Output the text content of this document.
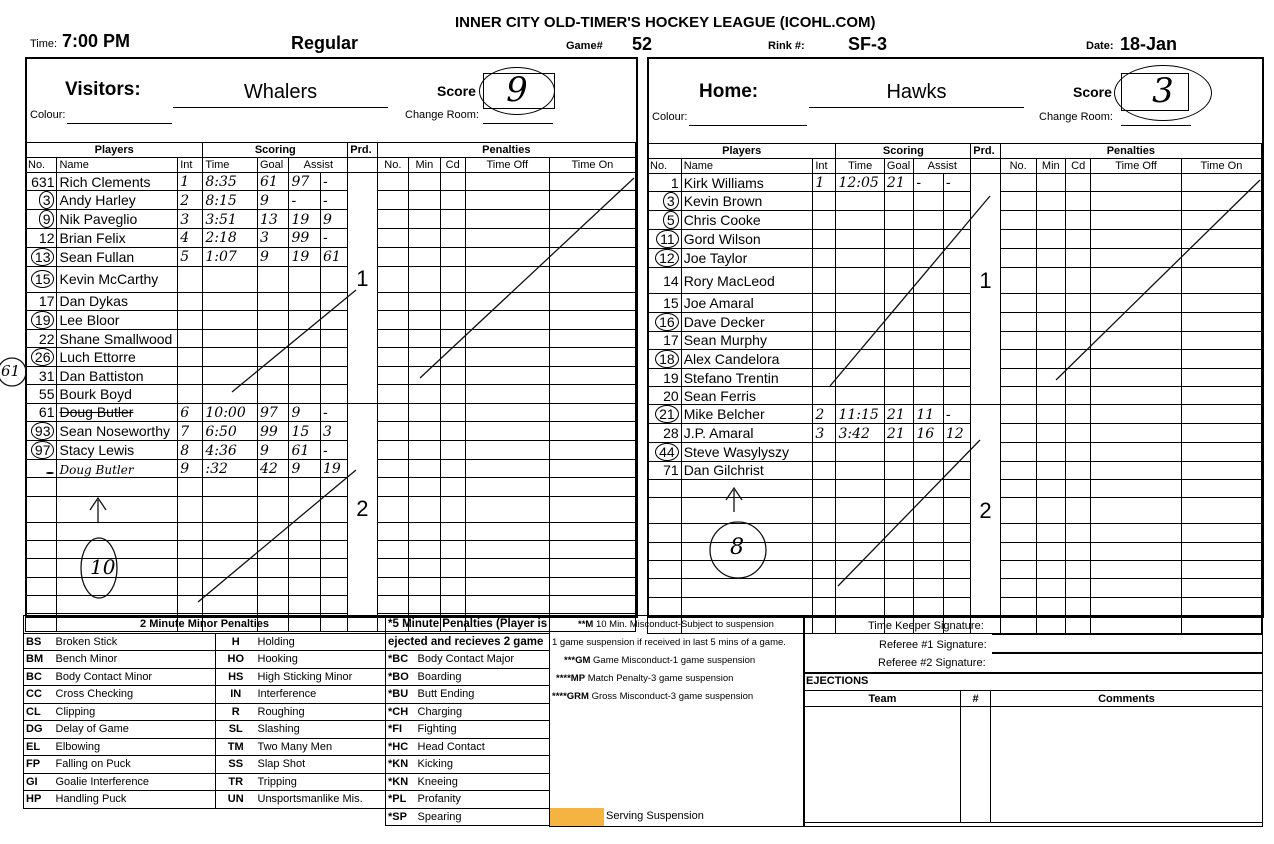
INNER CITY OLD-TIMER'S HOCKEY LEAGUE (ICOHL.COM)
Time: 7:00 PM	Regular	Game# 52	Rink #: SF-3	Date: 18-Jan
Visitors:
Colour:
Whalers	Score
Change Room:
9
Players			Scoring				Prd.	Penalties				
No.	Name	Int	Time	Goal	Assist			No.	Min	Cd	Time Off	Time On
631	Rich Clements	1	8:35	61	97	-						
3	Andy Harley	2	8:15	9	-	-						
9	Nik Paveglio	3	3:51	13	19	9						
12	Brian Felix	4	2:18	3	99	-						
13	Sean Fullan	5	1:07	9	19	61						
15	Kevin McCarthy						1					
17	Dan Dykas											
19	Lee Bloor											
22	Shane Smallwood											
26	Luch Ettorre											
31	Dan Battiston											
55	Bourk Boyd											
61	Doug Butler	6	10:00	97	9	-						
93	Sean Noseworthy	7	6:50	99	15	3						
97	Stacy Lewis	8	4:36	9	61	-						
	Doug Butler	9	:32	42	9	19						

							2					

Home:
Colour:
Hawks	Score
Change Room:
3
Players			Scoring				Prd.	Penalties				
No.	Name	Int	Time	Goal	Assist			No.	Min	Cd	Time Off	Time On
1	Kirk Williams	1	12:05	21	-	-						
3	Kevin Brown											
5	Chris Cooke											
11	Gord Wilson											
12	Joe Taylor											
14	Rory MacLeod						1					
15	Joe Amaral											
16	Dave Decker											
17	Sean Murphy											
18	Alex Candelora											
19	Stefano Trentin											
20	Sean Ferris											
21	Mike Belcher	2	11:15	21	11	-						
28	J.P. Amaral	3	3:42	21	16	12						
44	Steve Wasylyszy											
71	Dan Gilchrist											

							2					

10
8
61
2 Minute Minor Penalties			
BS	Broken Stick	H	Holding
BM	Bench Minor	HO	Hooking
BC	Body Contact Minor	HS	High Sticking Minor
CC	Cross Checking	IN	Interference
CL	Clipping	R	Roughing
DG	Delay of Game	SL	Slashing
EL	Elbowing	TM	Two Many Men
FP	Falling on Puck	SS	Slap Shot
GI	Goalie Interference	TR	Tripping
HP	Handling Puck	UN	Unsportsmanlike Mis.
*5 Minute Penalties (Player is	
ejected and recieves 2 game	
*BC	Body Contact Major
*BO	Boarding
*BU	Butt Ending
*CH	Charging
*FI	Fighting
*HC	Head Contact
*KN	Kicking
*KN	Kneeing
*PL	Profanity
*SP	Spearing
**M 10 Min. Misconduct-Subject to suspension
1 game suspension if received in last 5 mins of a game.
***GM Game Misconduct-1 game suspension
****MP Match Penalty-3 game suspension
****GRM Gross Misconduct-3 game suspension
Serving Suspension
Time Keeper Signature:
Referee #1 Signature:
Referee #2 Signature:
EJECTIONS
Team	#	Comments
